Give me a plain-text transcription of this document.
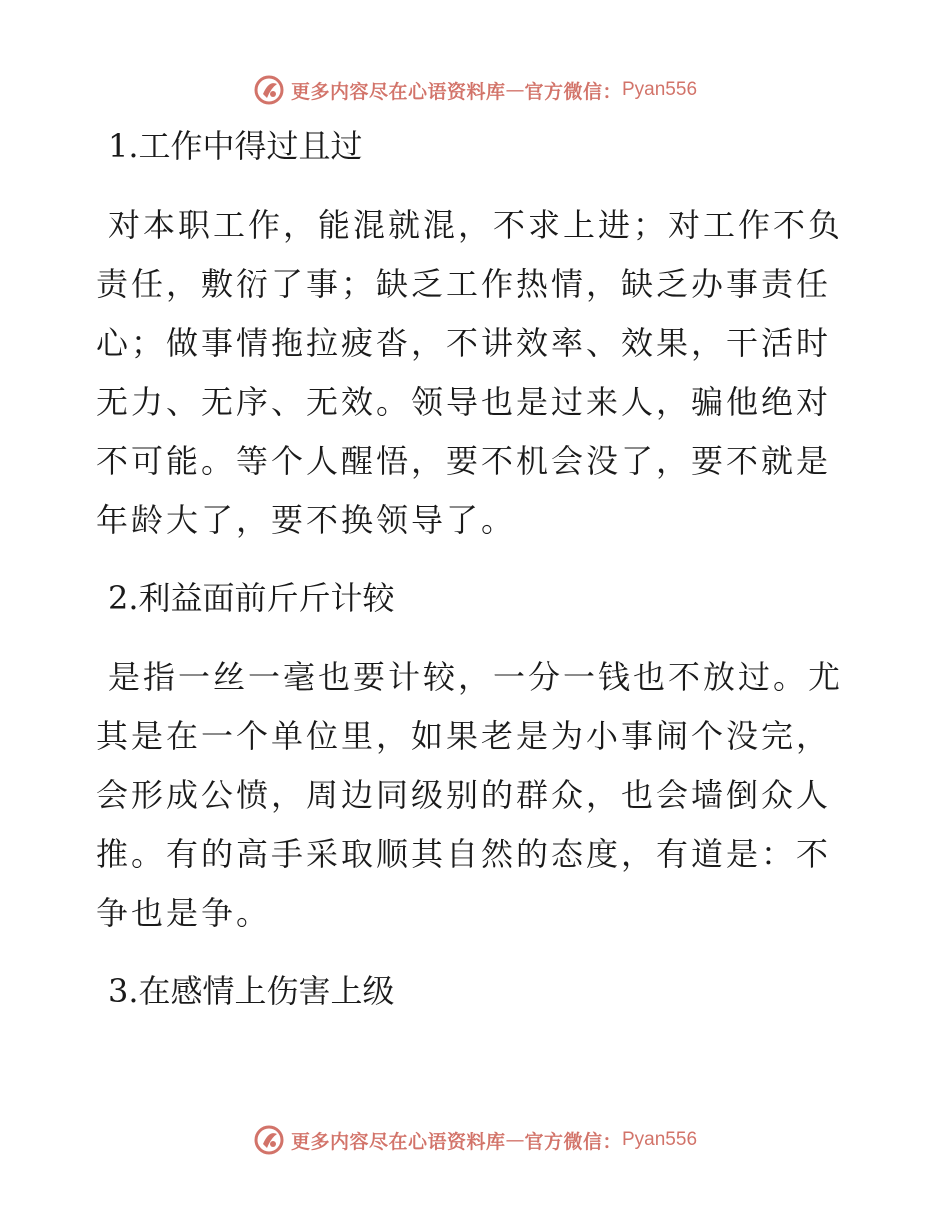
更多内容尽在心语资料库 — 官方微信： Pyan556
1.工作中得过且过

对本职工作，能混就混，不求上进；对工作不负责任，敷衍了事；缺乏工作热情，缺乏办事责任心；做事情拖拉疲沓，不讲效率、效果，干活时无力、无序、无效。领导也是过来人，骗他绝对不可能。等个人醒悟，要不机会没了，要不就是年龄大了，要不换领导了。

2.利益面前斤斤计较

是指一丝一毫也要计较，一分一钱也不放过。尤其是在一个单位里，如果老是为小事闹个没完，会形成公愤，周边同级别的群众，也会墙倒众人推。有的高手采取顺其自然的态度，有道是：不争也是争。

3.在感情上伤害上级
更多内容尽在心语资料库 — 官方微信： Pyan556
